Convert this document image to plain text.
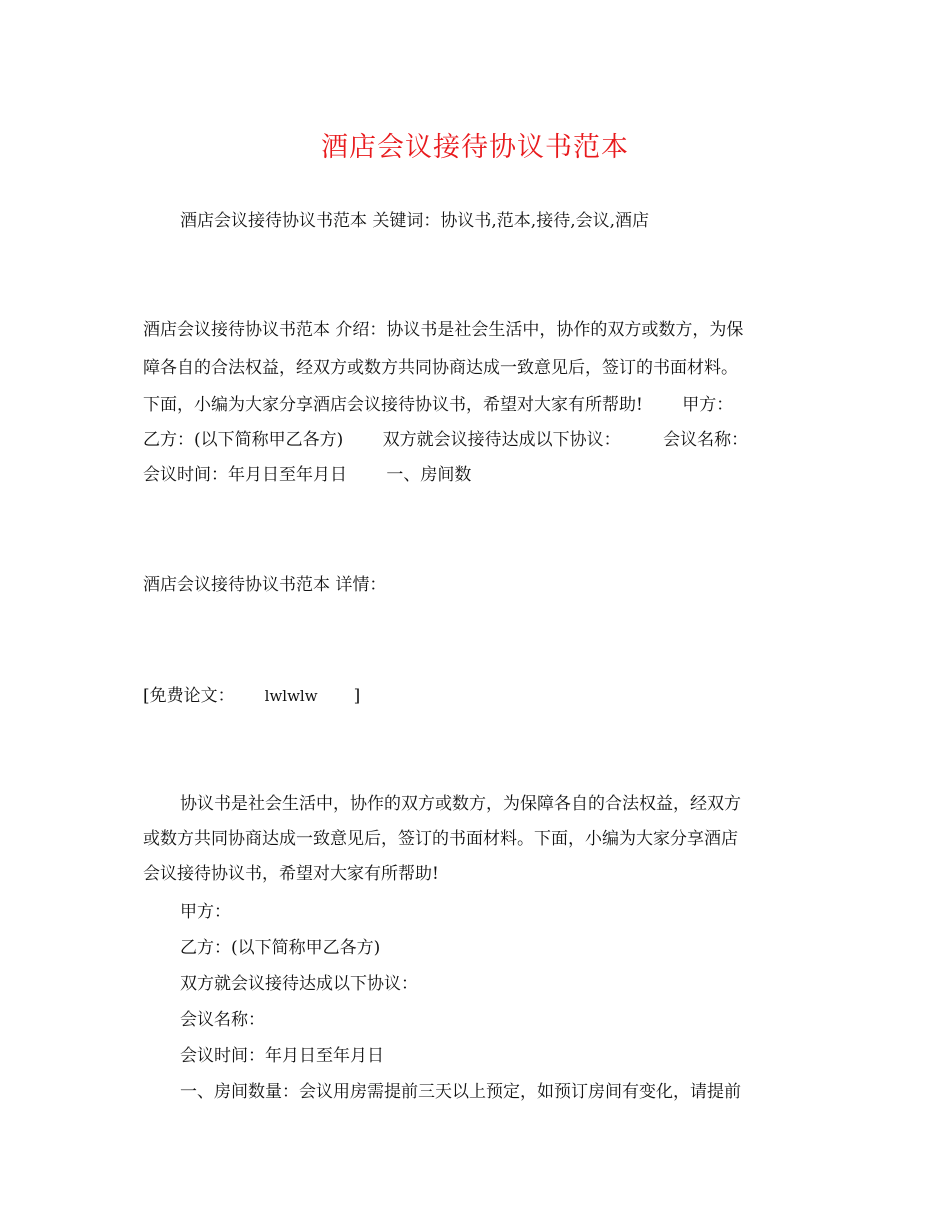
酒店会议接待协议书范本
酒店会议接待协议书范本 关键词：协议书,范本,接待,会议,酒店
酒店会议接待协议书范本 介绍：协议书是社会生活中，协作的双方或数方，为保
障各自的合法权益，经双方或数方共同协商达成一致意见后，签订的书面材料。
下面，小编为大家分享酒店会议接待协议书，希望对大家有所帮助!　　 甲方：
乙方：(以下简称甲乙各方)　　 双方就会议接待达成以下协议：　　　会议名称：
会议时间：年月日至年月日　　 一、房间数
酒店会议接待协议书范本 详情：
[免费论文： lwlwlw ]
协议书是社会生活中，协作的双方或数方，为保障各自的合法权益，经双方
或数方共同协商达成一致意见后，签订的书面材料。下面，小编为大家分享酒店
会议接待协议书，希望对大家有所帮助!
甲方：
乙方：(以下简称甲乙各方)
双方就会议接待达成以下协议：
会议名称：
会议时间：年月日至年月日
一、房间数量：会议用房需提前三天以上预定，如预订房间有变化，请提前
